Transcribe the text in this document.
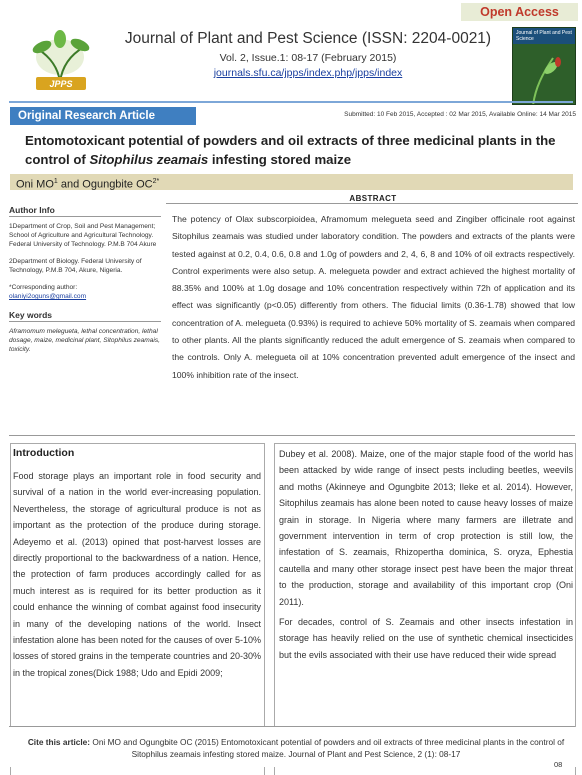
Open Access
JPPS
Journal of Plant and Pest Science
Journal of Plant and Pest Science (ISSN: 2204-0021)
Vol. 2, Issue.1: 08-17 (February 2015)
journals.sfu.ca/jpps/index.php/jpps/index
Original Research Article	Submitted: 10 Feb 2015, Accepted : 02 Mar 2015, Available Online: 14 Mar 2015
Entomotoxicant potential of powders and oil extracts of three medicinal plants in the control of Sitophilus zeamais infesting stored maize
Oni $MO^1$ and Ogungbite $OC^{2*}$
Author Info

1Department of Crop, Soil and Pest Management; School of Agriculture and Agricultural Technology. Federal University of Technology. P.M.B 704 Akure

2Department of Biology. Federal University of Technology, P.M.B 704, Akure, Nigeria.

*Corresponding author:
olaniyi2oguns@gmail.com

Key words

Aframomum melegueta, lethal concentration, lethal dosage, maize, medicinal plant, Sitophilus zeamais, toxicity.

ABSTRACT
The potency of Olax subscorpioidea, Aframomum melegueta seed and Zingiber officinale root against Sitophilus zeamais was studied under laboratory condition. The powders and extracts of the plants were tested against at 0.2, 0.4, 0.6, 0.8 and 1.0g of powders and 2, 4, 6, 8 and 10% of oil extracts respectively. Control experiments were also setup. A. melegueta powder and extract achieved the highest mortality of 88.35% and 100% at 1.0g dosage and 10% concentration respectively within 72h of application and its effect was significantly (p<0.05) differently from others. The fiducial limits (0.36-1.78) showed that low concentration of A. melegueta (0.93%) is required to achieve 50% mortality of S. zeamais when compared to other plants. All the plants significantly reduced the adult emergence of S. zeamais when compared to the controls. Only A. melegueta oil at 10% concentration prevented adult emergence of the insect and 100% inhibition rate of the insect.
Introduction
Food storage plays an important role in food security and survival of a nation in the world ever-increasing population. Nevertheless, the storage of agricultural produce is not as important as the protection of the produce during storage. Adeyemo et al. (2013) opined that post-harvest losses are directly proportional to the backwardness of a nation. Hence, the protection of farm produces accordingly called for as much interest as is required for its better production as it could enhance the winning of combat against food insecurity in many of the developing nations of the world. Insect infestation alone has been noted for the causes of over 5-10% losses of stored grains in the temperate countries and 20-30% in the tropical zones(Dick 1988; Udo and Epidi 2009;

Dubey et al. 2008). Maize, one of the major staple food of the world has been attacked by wide range of insect pests including beetles, weevils and moths (Akinneye and Ogungbite 2013; Ileke et al. 2014). However, Sitophilus zeamais has alone been noted to cause heavy losses of maize grain in storage. In Nigeria where many farmers are illetrate and government intervention in term of crop protection is still low, the infestation of S. zeamais, Rhizopertha dominica, S. oryza, Ephestia cautella and many other storage insect pest have been the major threat to the production, storage and availability of this important crop (Oni 2011).

For decades, control of S. Zeamais and other insects infestation in storage has heavily relied on the use of synthetic chemical insecticides but the evils associated with their use have reduced their wide spread

Cite this article: Oni MO and Ogungbite OC (2015) Entomotoxicant potential of powders and oil extracts of three medicinal plants in the control of Sitophilus zeamais infesting stored maize. Journal of Plant and Pest Science, 2 (1): 08-17
08
